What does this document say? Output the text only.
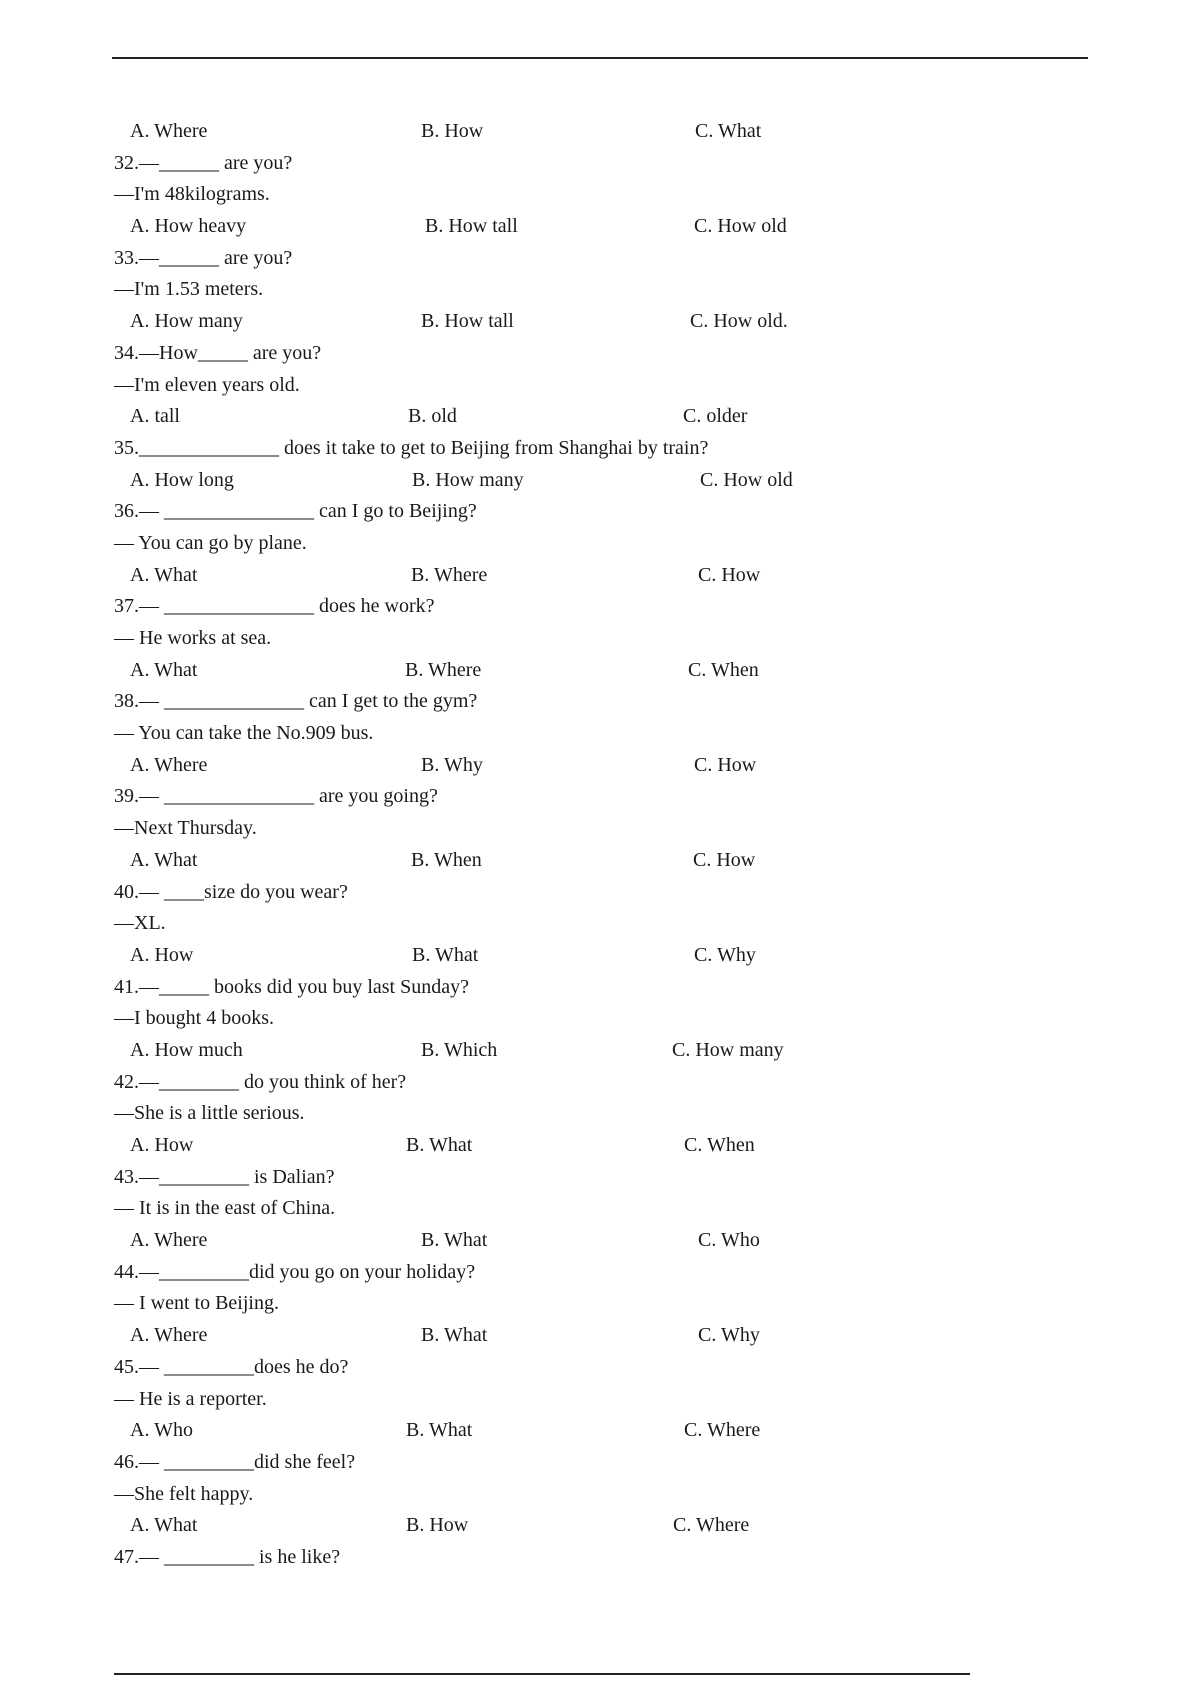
A. Where	B. How	C. What
32.—______ are you?
—I'm 48kilograms.
A. How heavy	B. How tall	C. How old
33.—______ are you?
—I'm 1.53 meters.
A. How many	B. How tall	C. How old.
34.—How_____ are you?
—I'm eleven years old.
A. tall	B. old	C. older
35.______________ does it take to get to Beijing from Shanghai by train?
A. How long	B. How many	C. How old
36.— _______________ can I go to Beijing?
— You can go by plane.
A. What	B. Where	C. How
37.— _______________ does he work?
— He works at sea.
A. What	B. Where	C. When
38.— ______________ can I get to the gym?
— You can take the No.909 bus.
A. Where	B. Why	C. How
39.— _______________ are you going?
—Next Thursday.
A. What	B. When	C. How
40.— ____size do you wear?
—XL.
A. How	B. What	C. Why
41.—_____ books did you buy last Sunday?
—I bought 4 books.
A. How much	B. Which	C. How many
42.—________ do you think of her?
—She is a little serious.
A. How	B. What	C. When
43.—_________ is Dalian?
— It is in the east of China.
A. Where	B. What	C. Who
44.—_________did you go on your holiday?
— I went to Beijing.
A. Where	B. What	C. Why
45.— _________does he do?
— He is a reporter.
A. Who	B. What	C. Where
46.— _________did she feel?
—She felt happy.
A. What	B. How	C. Where
47.— _________ is he like?
